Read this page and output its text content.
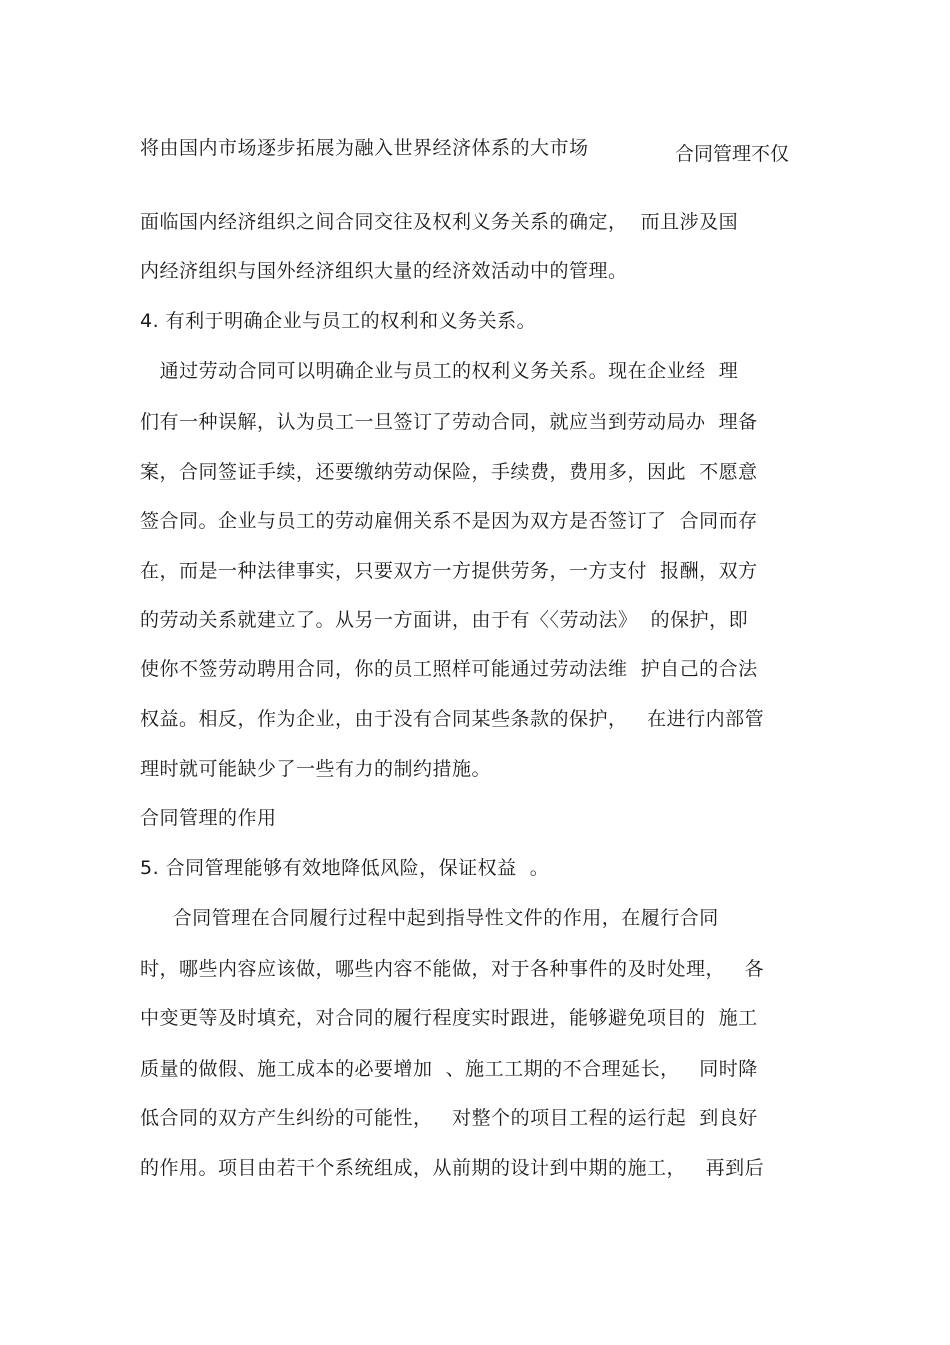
将由国内市场逐步拓展为融入世界经济体系的大市场	合同管理不仅
面临国内经济组织之间合同交往及权利义务关系的确定，  而且涉及国
内经济组织与国外经济组织大量的经济效活动中的管理。
4. 有利于明确企业与员工的权利和义务关系。
通过劳动合同可以明确企业与员工的权利义务关系。现在企业经  理
们有一种误解，认为员工一旦签订了劳动合同，就应当到劳动局办  理备
案，合同签证手续，还要缴纳劳动保险，手续费，费用多，因此  不愿意
签合同。企业与员工的劳动雇佣关系不是因为双方是否签订了  合同而存
在，而是一种法律事实，只要双方一方提供劳务，一方支付  报酬，双方
的劳动关系就建立了。从另一方面讲，由于有〈〈劳动法》  的保护，即
使你不签劳动聘用合同，你的员工照样可能通过劳动法维  护自己的合法
权益。相反，作为企业，由于没有合同某些条款的保护，   在进行内部管
理时就可能缺少了一些有力的制约措施。
合同管理的作用
5. 合同管理能够有效地降低风险，保证权益  。
合同管理在合同履行过程中起到指导性文件的作用，在履行合同
时，哪些内容应该做，哪些内容不能做，对于各种事件的及时处理，   各
中变更等及时填充，对合同的履行程度实时跟进，能够避免项目的  施工
质量的做假、施工成本的必要增加  、施工工期的不合理延长，   同时降
低合同的双方产生纠纷的可能性，   对整个的项目工程的运行起  到良好
的作用。项目由若干个系统组成，从前期的设计到中期的施工，   再到后
